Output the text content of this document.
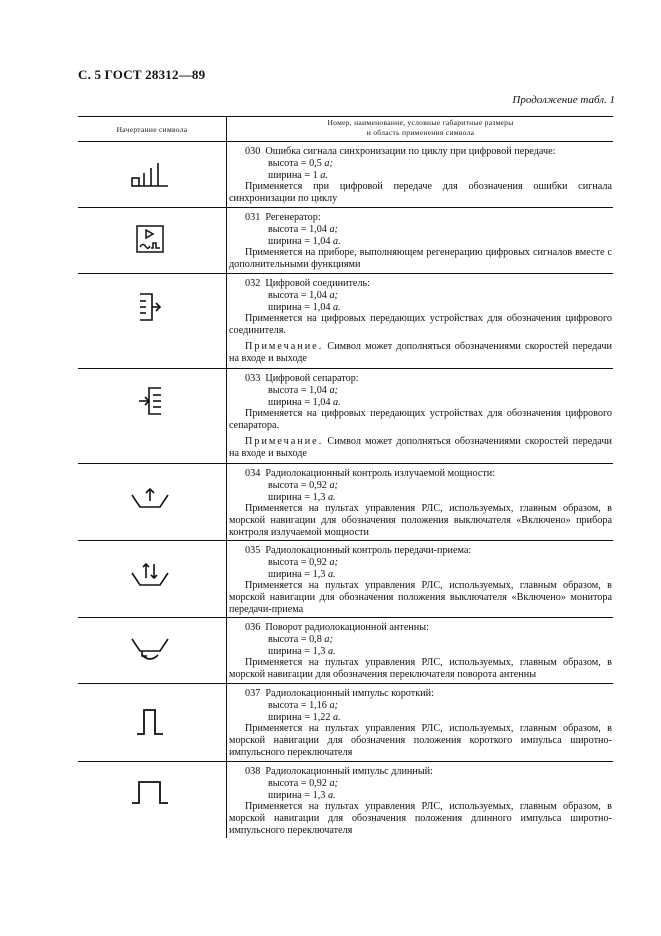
С. 5 ГОСТ 28312—89
Продолжение табл. 1
Начертание символа
Номер, наименование, условные габаритные размеры
и область применения символа

030 Ошибка сигнала синхронизации по циклу при цифровой передаче:

высота = 0,5 а;

ширина = 1 а.

Применяется при цифровой передаче для обозначения ошибки сигнала синхронизации по циклу

031 Регенератор:

высота = 1,04 а;

ширина = 1,04 а.

Применяется на приборе, выполняющем регенерацию цифровых сигналов вместе с дополнительными функциями

032 Цифровой соединитель:

высота = 1,04 а;

ширина = 1,04 а.

Применяется на цифровых передающих устройствах для обозначения цифрового соединителя.

Примечание. Символ может дополняться обозначениями скоростей передачи на входе и выходе

033 Цифровой сепаратор:

высота = 1,04 а;

ширина = 1,04 а.

Применяется на цифровых передающих устройствах для обозначения цифрового сепаратора.

Примечание. Символ может дополняться обозначениями скоростей передачи на входе и выходе

034 Радиолокационный контроль излучаемой мощности:

высота = 0,92 а;

ширина = 1,3 а.

Применяется на пультах управления РЛС, используемых, главным образом, в морской навигации для обозначения положения выключателя «Включено» прибора контроля излучаемой мощности

035 Радиолокационный контроль передачи-приема:

высота = 0,92 а;

ширина = 1,3 а.

Применяется на пультах управления РЛС, используемых, главным образом, в морской навигации для обозначения положения выключателя «Включено» монитора передачи-приема

036 Поворот радиолокационной антенны:

высота = 0,8 а;

ширина = 1,3 а.

Применяется на пультах управления РЛС, используемых, главным образом, в морской навигации для обозначения переключателя поворота антенны

037 Радиолокационный импульс короткий:

высота = 1,16 а;

ширина = 1,22 а.

Применяется на пультах управления РЛС, используемых, главным образом, в морской навигации для обозначения положения короткого импульса широтно-импульсного переключателя

038 Радиолокационный импульс длинный:

высота = 0,92 а;

ширина = 1,3 а.

Применяется на пультах управления РЛС, используемых, главным образом, в морской навигации для обозначения положения длинного импульса широтно-импульсного переключателя
